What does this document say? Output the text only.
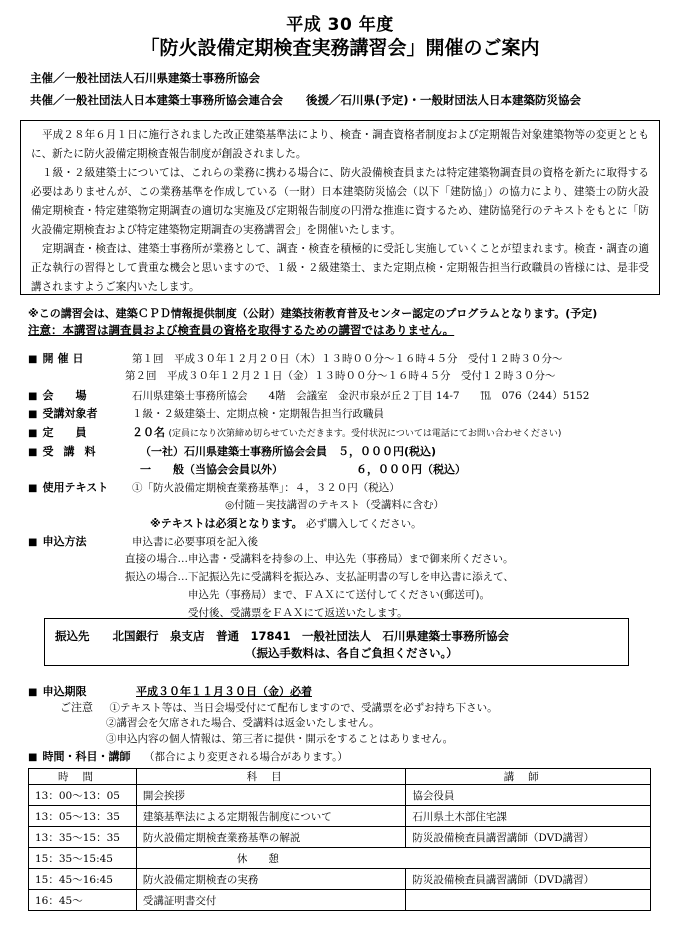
平成 30 年度
「防火設備定期検査実務講習会」開催のご案内
主催／一般社団法人石川県建築士事務所協会
共催／一般社団法人日本建築士事務所協会連合会　　後援／石川県(予定)・一般財団法人日本建築防災協会

平成２８年６月１日に施行されました改正建築基準法により、検査・調査資格者制度および定期報告対象建築物等の変更とともに、新たに防火設備定期検査報告制度が創設されました。

１級・２級建築士については、これらの業務に携わる場合に、防火設備検査員または特定建築物調査員の資格を新たに取得する必要はありませんが、この業務基準を作成している（一財）日本建築防災協会（以下「建防協」）の協力により、建築士の防火設備定期検査・特定建築物定期調査の適切な実施及び定期報告制度の円滑な推進に資するため、建防協発行のテキストをもとに「防火設備定期検査および特定建築物定期調査の実務講習会」を開催いたします。

定期調査・検査は、建築士事務所が業務として、調査・検査を積極的に受託し実施していくことが望まれます。検査・調査の適正な執行の習得として貴重な機会と思いますので、１級・２級建築士、また定期点検・定期報告担当行政職員の皆様には、是非受講されますようご案内いたします。

※この講習会は、建築ＣＰＤ情報提供制度（公財）建築技術教育普及センター認定のプログラムとなります。(予定)
注意：本講習は調査員および検査員の資格を取得するための講習ではありません。
■ 開催日	第１回　平成３０年１２月２０日（木）１３時００分～１６時４５分　受付１２時３０分～
第２回　平成３０年１２月２１日（金）１３時００分～１６時４５分　受付１２時３０分～
■ 会場 石川県建築士事務所協会　　4階　会議室　金沢市泉が丘２丁目 14-7　　℡　076（244）5152
■ 受講対象者	１級・２級建築士、定期点検・定期報告担当行政職員
■ 定員 ２０名 (定員になり次第締め切らせていただきます。受付状況については電話にてお問い合わせください)
■ 受講料	（一社）石川県建築士事務所協会会員　５，０００円(税込)
一　　般（当協会会員以外）	６，０００円（税込）
■ 使用テキスト ①「防火設備定期検査業務基準」：４，３２０円（税込）
◎付随－実技講習のテキスト（受講料に含む）
※テキストは必須となります。 必ず購入してください。
■ 申込方法	申込書に必要事項を記入後
直接の場合…申込書・受講料を持参の上、申込先（事務局）まで御来所ください。
振込の場合…下記振込先に受講料を振込み、支払証明書の写しを申込書に添えて、
申込先（事務局）まで、ＦＡＸにて送付してください(郵送可)。
受付後、受講票をＦＡＸにて返送いたします。
振込先　　北国銀行　泉支店　普通　17841　一般社団法人　石川県建築士事務所協会
（振込手数料は、各自ご負担ください。）
■ 申込期限	平成３０年１１月３０日（金）必着
ご注意 ①テキスト等は、当日会場受付にて配布しますので、受講票を必ずお持ち下さい。
②講習会を欠席された場合、受講料は返金いたしません。
③申込内容の個人情報は、第三者に提供・開示をすることはありません。
■ 時間・科目・講師 （都合により変更される場合があります。）
時間	科目	講師
13：00～13：05	開会挨拶	協会役員
13：05～13：35	建築基準法による定期報告制度について	石川県土木部住宅課
13：35～15：35	防火設備定期検査業務基準の解説	防災設備検査員講習講師（DVD講習）
15：35～15:45	休　　憩	
15：45～16:45	防火設備定期検査の実務	防災設備検査員講習講師（DVD講習）
16：45～	受講証明書交付	
